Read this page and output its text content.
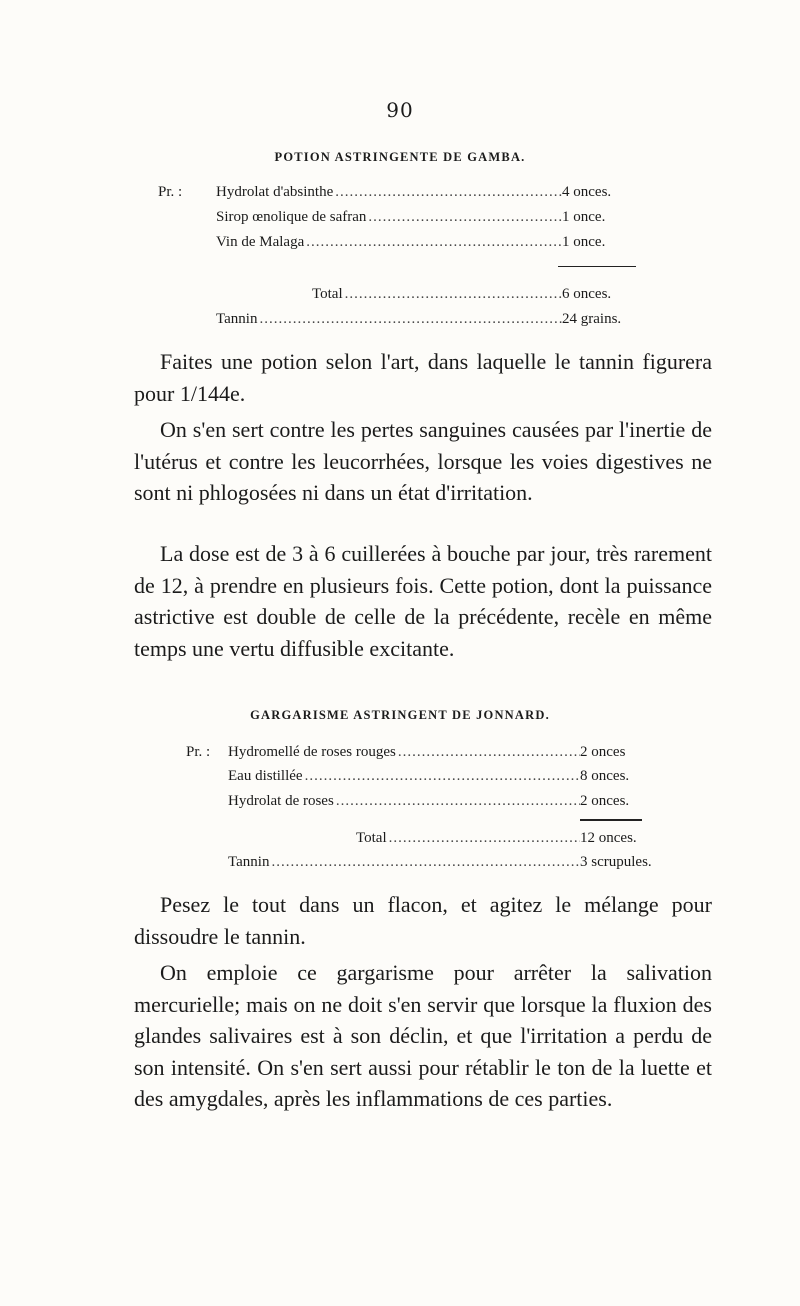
90
POTION ASTRINGENTE DE GAMBA.
Pr. :	Hydrolat d'absinthe .....	4 onces.
Sirop œnolique de safran .....	1 once.
Vin de Malaga .....	1 once.
Total .....	6 onces.
Tannin .....	24 grains.

Faites une potion selon l'art, dans laquelle le tannin figurera pour 1/144e.

On s'en sert contre les pertes sanguines causées par l'inertie de l'utérus et contre les leucorrhées, lorsque les voies digestives ne sont ni phlogosées ni dans un état d'irritation.

La dose est de 3 à 6 cuillerées à bouche par jour, très rarement de 12, à prendre en plusieurs fois. Cette potion, dont la puissance astrictive est double de celle de la précédente, recèle en même temps une vertu diffusible excitante.

GARGARISME ASTRINGENT DE JONNARD.
Pr. :	Hydromellé de roses rouges .....	2 onces
Eau distillée .....	8 onces.
Hydrolat de roses .....	2 onces.
Total .....	12 onces.
Tannin .....	3 scrupules.

Pesez le tout dans un flacon, et agitez le mélange pour dissoudre le tannin.

On emploie ce gargarisme pour arrêter la salivation mercurielle; mais on ne doit s'en servir que lorsque la fluxion des glandes salivaires est à son déclin, et que l'irritation a perdu de son intensité. On s'en sert aussi pour rétablir le ton de la luette et des amygdales, après les inflammations de ces parties.
